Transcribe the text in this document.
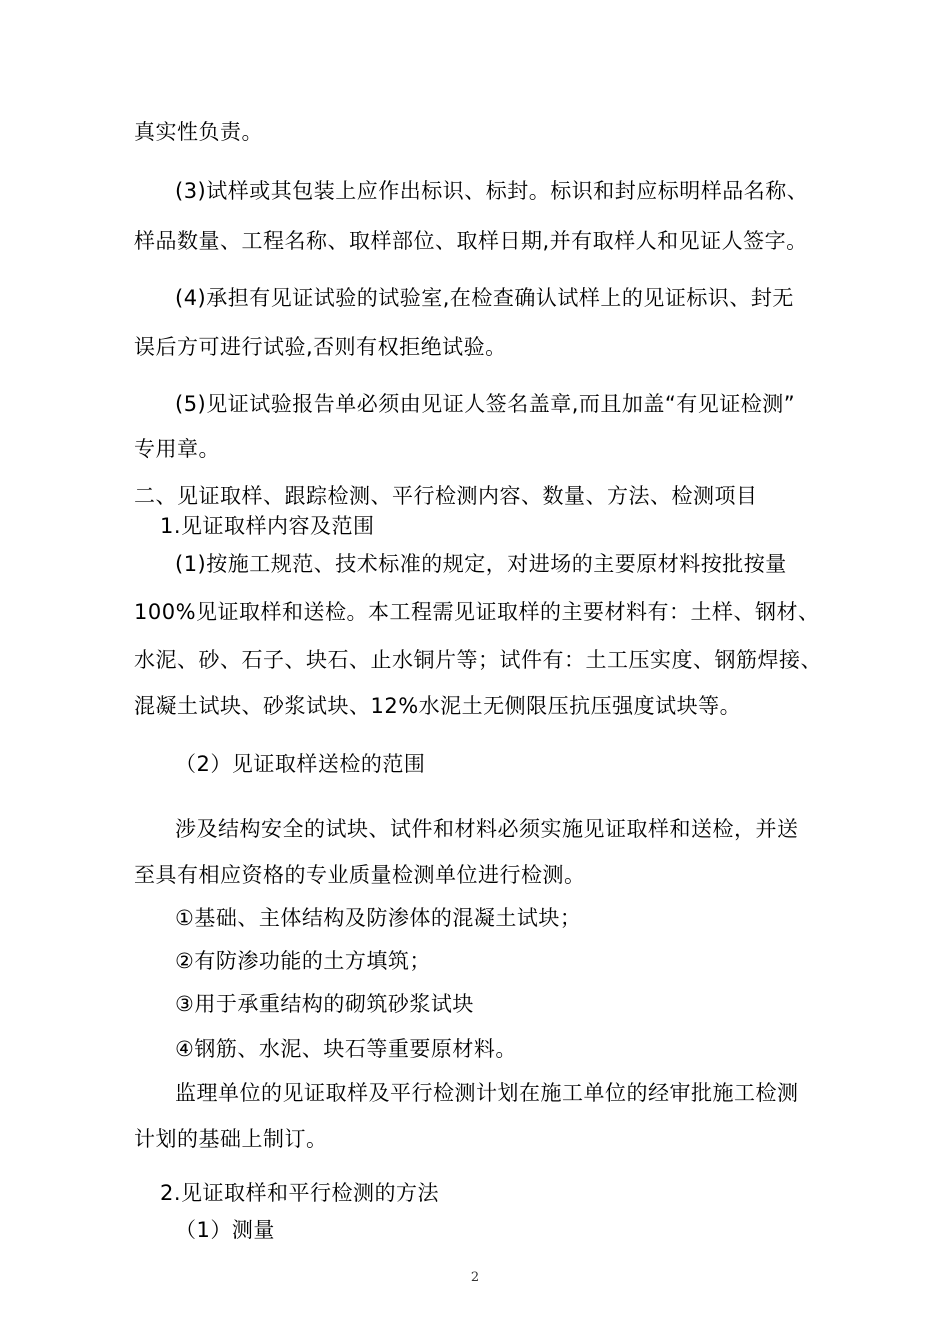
真实性负责。
(3)试样或其包装上应作出标识、标封。标识和封应标明样品名称、
样品数量、工程名称、取样部位、取样日期,并有取样人和见证人签字。
(4)承担有见证试验的试验室,在检查确认试样上的见证标识、封无
误后方可进行试验,否则有权拒绝试验。
(5)见证试验报告单必须由见证人签名盖章,而且加盖“有见证检测”
专用章。
二、见证取样、跟踪检测、平行检测内容、数量、方法、检测项目
1.见证取样内容及范围
(1)按施工规范、技术标准的规定，对进场的主要原材料按批按量
100%见证取样和送检。本工程需见证取样的主要材料有：土样、钢材、
水泥、砂、石子、块石、止水铜片等；试件有：土工压实度、钢筋焊接、
混凝土试块、砂浆试块、12%水泥土无侧限压抗压强度试块等。
（2）见证取样送检的范围
涉及结构安全的试块、试件和材料必须实施见证取样和送检，并送
至具有相应资格的专业质量检测单位进行检测。
①基础、主体结构及防渗体的混凝土试块；
②有防渗功能的土方填筑；
③用于承重结构的砌筑砂浆试块
④钢筋、水泥、块石等重要原材料。
监理单位的见证取样及平行检测计划在施工单位的经审批施工检测
计划的基础上制订。
2.见证取样和平行检测的方法
（1）测量
2
